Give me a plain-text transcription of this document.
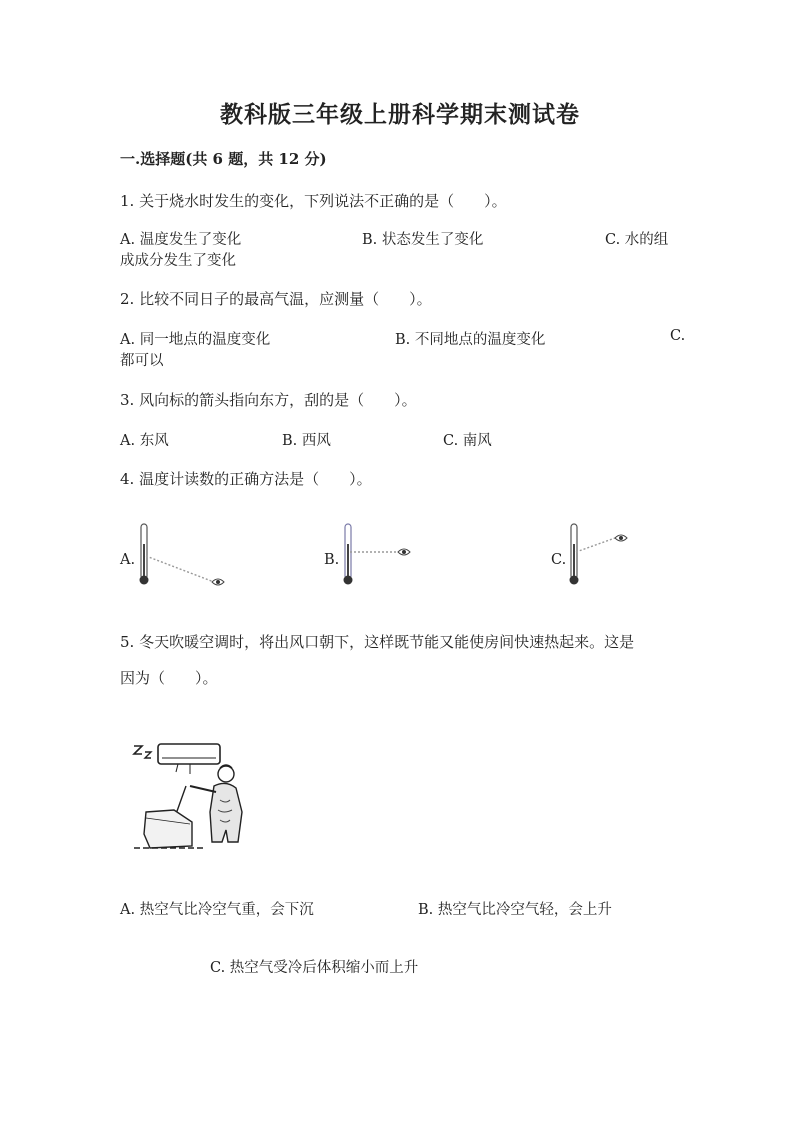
教科版三年级上册科学期末测试卷
一.选择题(共 6 题，共 12 分)
1. 关于烧水时发生的变化，下列说法不正确的是（　　）。
A. 温度发生了变化	B. 状态发生了变化	C. 水的组
成成分发生了变化
2. 比较不同日子的最高气温，应测量（　　）。
A. 同一地点的温度变化	B. 不同地点的温度变化	C.
都可以
3. 风向标的箭头指向东方，刮的是（　　）。
A. 东风	B. 西风	C. 南风
4. 温度计读数的正确方法是（　　）。
A.	B.	C.
5. 冬天吹暖空调时，将出风口朝下，这样既节能又能使房间快速热起来。这是
因为（　　）。
A. 热空气比冷空气重，会下沉	B. 热空气比冷空气轻，会上升
C. 热空气受冷后体积缩小而上升
